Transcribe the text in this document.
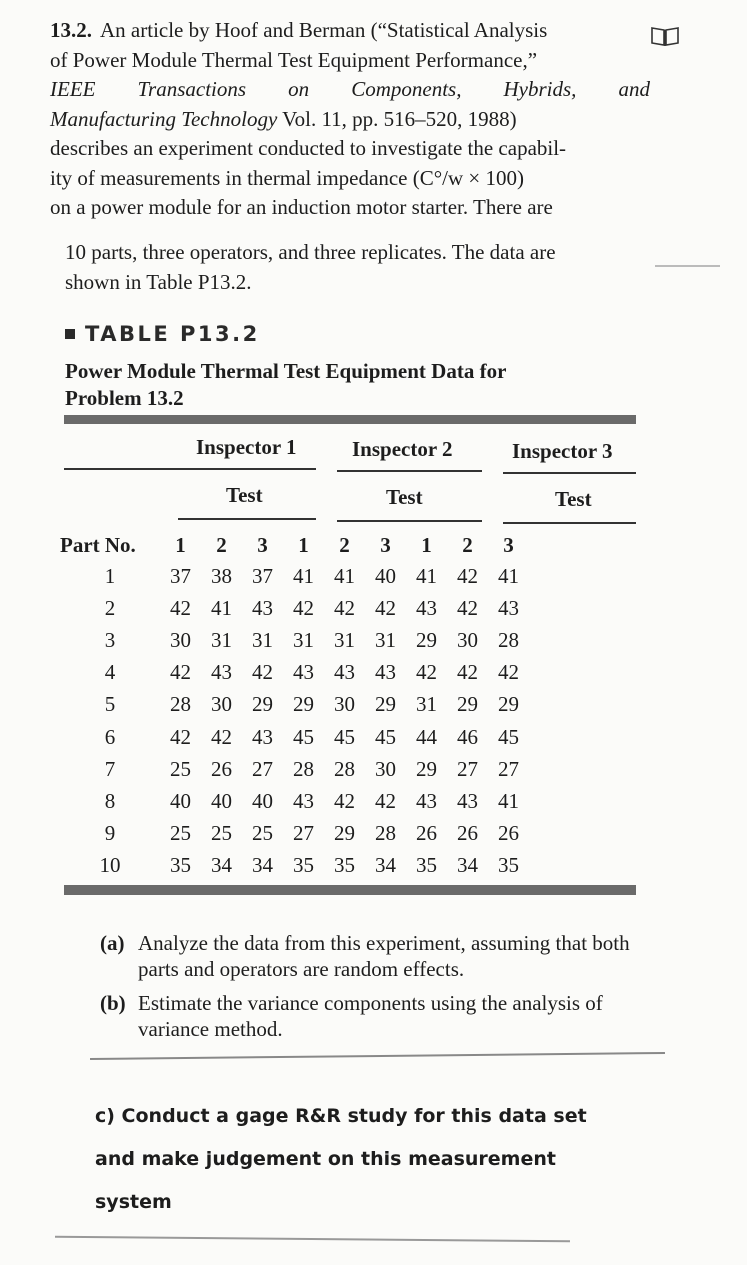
13.2. An article by Hoof and Berman (“Statistical Analysis

of Power Module Thermal Test Equipment Performance,”

IEEE Transactions on Components, Hybrids, and

Manufacturing Technology Vol. 11, pp. 516–520, 1988)

describes an experiment conducted to investigate the capabil-

ity of measurements in thermal impedance (C°/w × 100)

on a power module for an induction motor starter. There are

10 parts, three operators, and three replicates. The data are
shown in Table P13.2.
TABLE P13.2
Power Module Thermal Test Equipment Data for
Problem 13.2
Inspector 1	Inspector 2	Inspector 3
Test	Test	Test
Part No.	1	2	3	1	2	3	1	2	3
1	37	38	37	41	41	40	41	42	41
2	42	41	43	42	42	42	43	42	43
3	30	31	31	31	31	31	29	30	28
4	42	43	42	43	43	43	42	42	42
5	28	30	29	29	30	29	31	29	29
6	42	42	43	45	45	45	44	46	45
7	25	26	27	28	28	30	29	27	27
8	40	40	40	43	42	42	43	43	41
9	25	25	25	27	29	28	26	26	26
10	35	34	34	35	35	34	35	34	35
(a) Analyze the data from this experiment, assuming that both parts and operators are random effects.
(b) Estimate the variance components using the analysis of variance method.
c) Conduct a gage R&R study for this data set
and make judgement on this measurement
system
